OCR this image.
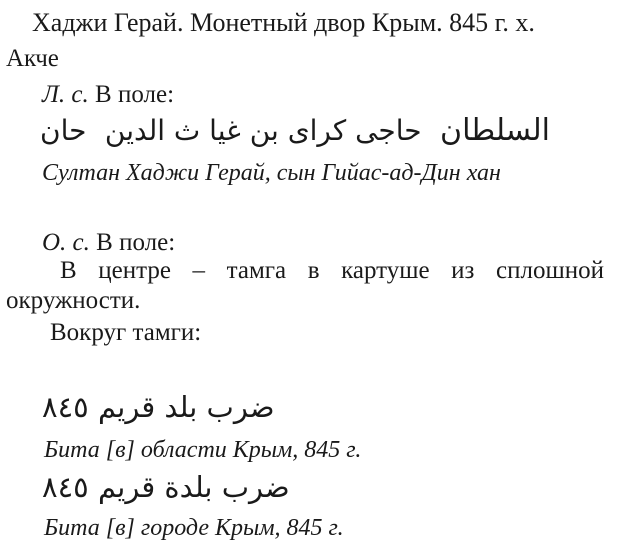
Хаджи Герай. Монетный двор Крым. 845 г. х.
Акче
Л. с. В поле:
السلطان
حاجى كراى بن غيا ث الدين
حان
Султан Хаджи Герай, сын Гийас-ад-Дин хан
О. с. В поле:
В центре – тамга в картуше из сплошной
окружности.
Вокруг тамги:
ضرب بلد قريم ٨٤٥
Бита [в] области Крым, 845 г.
ضرب بلدة قريم ٨٤٥
Бита [в] городе Крым, 845 г.
